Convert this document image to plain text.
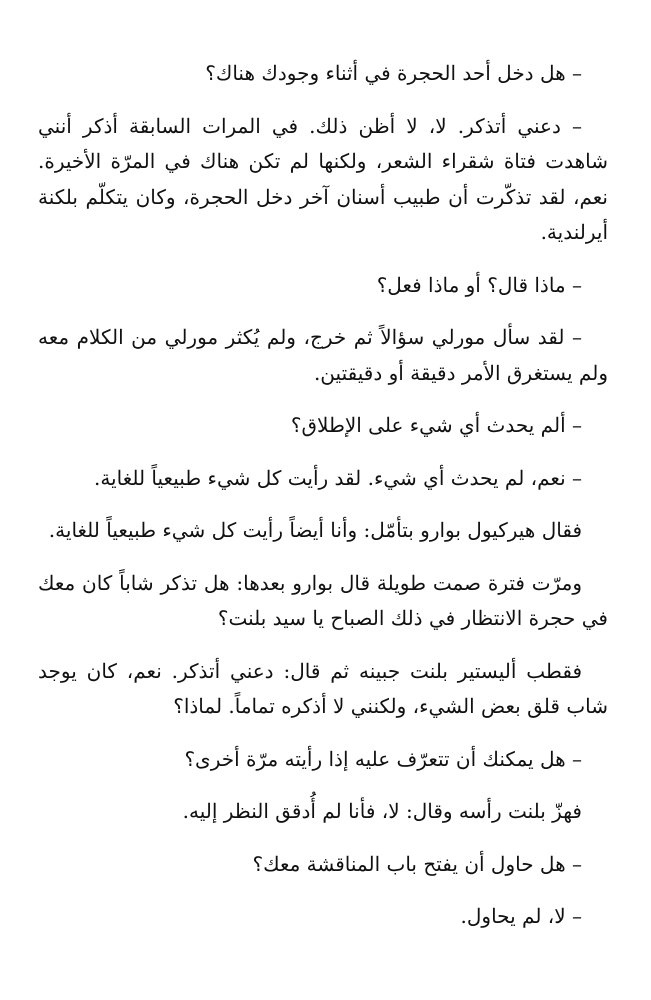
– هل دخل أحد الحجرة في أثناء وجودك هناك؟

– دعني أتذكر. لا، لا أظن ذلك. في المرات السابقة أذكر أنني شاهدت فتاة شقراء الشعر، ولكنها لم تكن هناك في المرّة الأخيرة. نعم، لقد تذكّرت أن طبيب أسنان آخر دخل الحجرة، وكان يتكلّم بلكنة أيرلندية.

– ماذا قال؟ أو ماذا فعل؟

– لقد سأل مورلي سؤالاً ثم خرج، ولم يُكثر مورلي من الكلام معه ولم يستغرق الأمر دقيقة أو دقيقتين.

– ألم يحدث أي شيء على الإطلاق؟

– نعم، لم يحدث أي شيء. لقد رأيت كل شيء طبيعياً للغاية.

فقال هيركيول بوارو بتأمّل: وأنا أيضاً رأيت كل شيء طبيعياً للغاية.

ومرّت فترة صمت طويلة قال بوارو بعدها: هل تذكر شاباً كان معك في حجرة الانتظار في ذلك الصباح يا سيد بلنت؟

فقطب أليستير بلنت جبينه ثم قال: دعني أتذكر. نعم، كان يوجد شاب قلق بعض الشيء، ولكنني لا أذكره تماماً. لماذا؟

– هل يمكنك أن تتعرّف عليه إذا رأيته مرّة أخرى؟

فهزّ بلنت رأسه وقال: لا، فأنا لم أُدقق النظر إليه.

– هل حاول أن يفتح باب المناقشة معك؟

– لا، لم يحاول.
